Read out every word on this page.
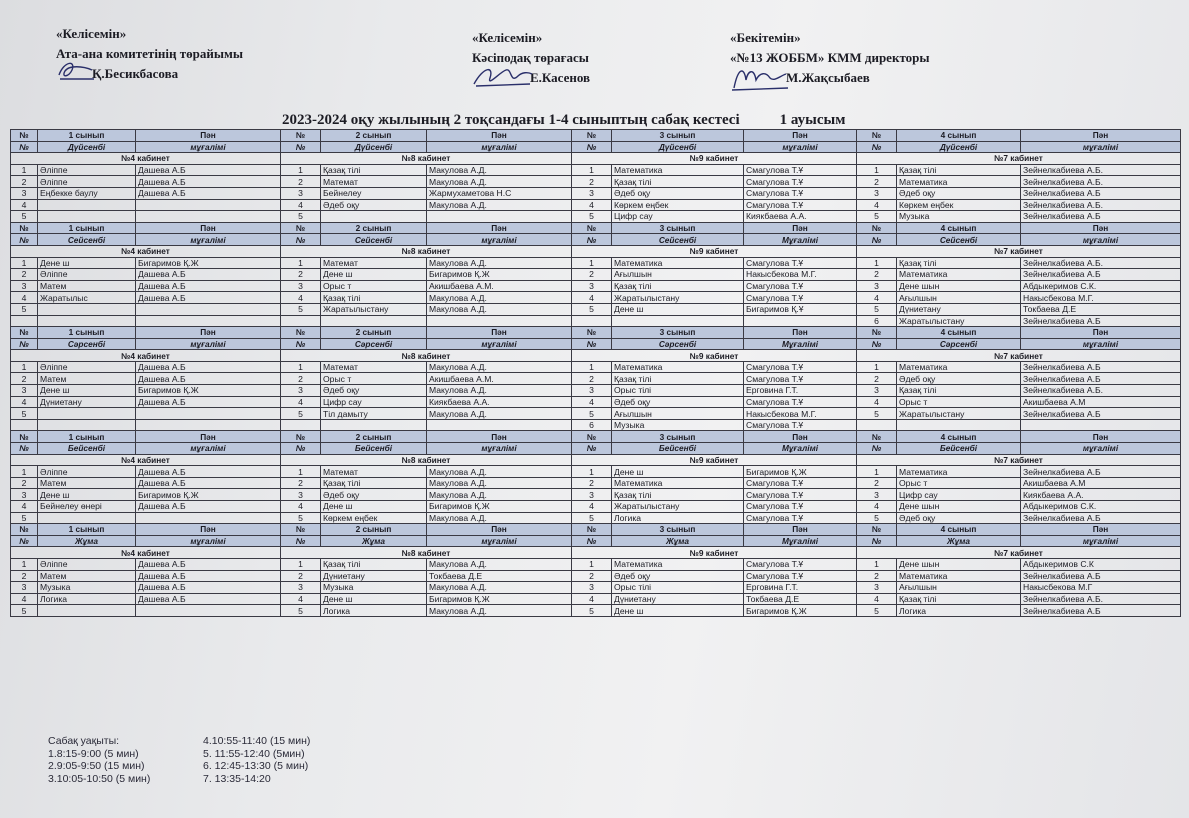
«Келісемін»
Ата-ана комитетінің төрайымы
Қ.Бесикбасова
«Келісемін»
Кәсіподақ төрағасы
Е.Касенов
«Бекітемін»
«№13 ЖОББМ» КММ директоры
М.Жақсыбаев
2023-2024 оқу жылының 2 тоқсандағы 1-4 сыныптың сабақ кестесі	1 ауысым
№	1 сынып	Пән	№	2 сынып	Пән	№	3 сынып	Пән	№	4 сынып	Пән
№	Дүйсенбі	мұғалімі	№	Дүйсенбі	мұғалімі	№	Дүйсенбі	мұғалімі	№	Дүйсенбі	мұғалімі
№4 кабинет			№8 кабинет			№9 кабинет			№7 кабинет		
1	Әліппе	Дашева А.Б	1	Қазақ тілі	Макулова А.Д.	1	Математика	Смагулова Т.Ұ	1	Қазақ тілі	Зейнелкабиева А.Б.
2	Әліппе	Дашева А.Б	2	Математ	Макулова А.Д.	2	Қазақ тілі	Смагулова Т.Ұ	2	Математика	Зейнелкабиева А.Б.
3	Еңбекке баулу	Дашева А.Б	3	Бейнелеу	Жармухаметова Н.С	3	Әдеб оқу	Смагулова Т.Ұ	3	Әдеб оқу	Зейнелкабиева А.Б
4			4	Әдеб оқу	Макулова А.Д.	4	Көркем еңбек	Смагулова Т.Ұ	4	Көркем еңбек	Зейнелкабиева А.Б.
5			5			5	Цифр сау	Киякбаева А.А.	5	Музыка	Зейнелкабиева А.Б
№	1 сынып	Пән	№	2 сынып	Пән	№	3 сынып	Пән	№	4 сынып	Пән
№	Сейсенбі	мұғалімі	№	Сейсенбі	мұғалімі	№	Сейсенбі	Мұғалімі	№	Сейсенбі	мұғалімі
№4 кабинет			№8 кабинет			№9 кабинет			№7 кабинет		
1	Дене ш	Бигаримов Қ.Ж	1	Математ	Макулова А.Д.	1	Математика	Смагулова Т.Ұ	1	Қазақ тілі	Зейнелкабиева А.Б.
2	Әліппе	Дашева А.Б	2	Дене ш	Бигаримов Қ.Ж	2	Ағылшын	Накысбекова М.Г.	2	Математика	Зейнелкабиева А.Б
3	Матем	Дашева А.Б	3	Орыс т	Акишбаева А.М.	3	Қазақ тілі	Смагулова Т.Ұ	3	Дене шын	Абдыкеримов С.К.
4	Жаратылыс	Дашева А.Б	4	Қазақ тілі	Макулова А.Д.	4	Жаратылыстану	Смагулова Т.Ұ	4	Ағылшын	Накысбекова М.Г.
5			5	Жаратылыстану	Макулова А.Д.	5	Дене ш	Бигаримов Қ.Ұ	5	Дүниетану	Токбаева Д.Е
									6	Жаратылыстану	Зейнелкабиева А.Б
№	1 сынып	Пән	№	2 сынып	Пән	№	3 сынып	Пән	№	4 сынып	Пән
№	Сәрсенбі	мұғалімі	№	Сәрсенбі	мұғалімі	№	Сәрсенбі	Мұғалімі	№	Сәрсенбі	мұғалімі
№4 кабинет			№8 кабинет			№9 кабинет			№7 кабинет		
1	Әліппе	Дашева А.Б	1	Математ	Макулова А.Д.	1	Математика	Смагулова Т.Ұ	1	Математика	Зейнелкабиева А.Б
2	Матем	Дашева А.Б	2	Орыс т	Акишбаева А.М.	2	Қазақ тілі	Смагулова Т.Ұ	2	Әдеб оқу	Зейнелкабиева А.Б
3	Дене ш	Бигаримов Қ.Ж	3	Әдеб оқу	Макулова А.Д.	3	Орыс тілі	Ерговина Г.Т.	3	Қазақ тілі	Зейнелкабиева А.Б.
4	Дүниетану	Дашева А.Б	4	Цифр сау	Киякбаева А.А.	4	Әдеб оқу	Смагулова Т.Ұ	4	Орыс т	Акишбаева А.М
5			5	Тіл дамыту	Макулова А.Д.	5	Ағылшын	Накысбекова М.Г.	5	Жаратылыстану	Зейнелкабиева А.Б
						6	Музыка	Смагулова Т.Ұ			
№	1 сынып	Пән	№	2 сынып	Пән	№	3 сынып	Пән	№	4 сынып	Пән
№	Бейсенбі	мұғалімі	№	Бейсенбі	мұғалімі	№	Бейсенбі	Мұғалімі	№	Бейсенбі	мұғалімі
№4 кабинет			№8 кабинет			№9 кабинет			№7 кабинет		
1	Әліппе	Дашева А.Б	1	Математ	Макулова А.Д.	1	Дене ш	Бигаримов Қ.Ж	1	Математика	Зейнелкабиева А.Б
2	Матем	Дашева А.Б	2	Қазақ тілі	Макулова А.Д.	2	Математика	Смагулова Т.Ұ	2	Орыс т	Акишбаева А.М
3	Дене ш	Бигаримов Қ.Ж	3	Әдеб оқу	Макулова А.Д.	3	Қазақ тілі	Смагулова Т.Ұ	3	Цифр сау	Киякбаева А.А.
4	Бейнелеу өнері	Дашева А.Б	4	Дене ш	Бигаримов Қ.Ж	4	Жаратылыстану	Смагулова Т.Ұ	4	Дене шын	Абдыкеримов С.К.
5			5	Көркем еңбек	Макулова А.Д.	5	Логика	Смагулова Т.Ұ	5	Әдеб оқу	Зейнелкабиева А.Б
№	1 сынып	Пән	№	2 сынып	Пән	№	3 сынып	Пән	№	4 сынып	Пән
№	Жұма	мұғалімі	№	Жұма	мұғалімі	№	Жұма	Мұғалімі	№	Жұма	мұғалімі
№4 кабинет			№8 кабинет			№9 кабинет			№7 кабинет		
1	Әліппе	Дашева А.Б	1	Қазақ тілі	Макулова А.Д.	1	Математика	Смагулова Т.Ұ	1	Дене шын	Абдыкеримов С.К
2	Матем	Дашева А.Б	2	Дүниетану	Токбаева Д.Е	2	Әдеб оқу	Смагулова Т.Ұ	2	Математика	Зейнелкабиева А.Б
3	Музыка	Дашева А.Б	3	Музыка	Макулова А.Д.	3	Орыс тілі	Ерговина Г.Т.	3	Ағылшын	Накысбекова М.Г
4	Логика	Дашева А.Б	4	Дене ш	Бигаримов Қ.Ж	4	Дүниетану	Токбаева Д.Е	4	Қазақ тілі	Зейнелкабиева А.Б.
5			5	Логика	Макулова А.Д.	5	Дене ш	Бигаримов Қ.Ж	5	Логика	Зейнелкабиева А.Б
Сабақ уақыты:
1.8:15-9:00 (5 мин)
2.9:05-9:50 (15 мин)
3.10:05-10:50 (5 мин)
4.10:55-11:40 (15 мин)
5. 11:55-12:40 (5мин)
6. 12:45-13:30 (5 мин)
7. 13:35-14:20
